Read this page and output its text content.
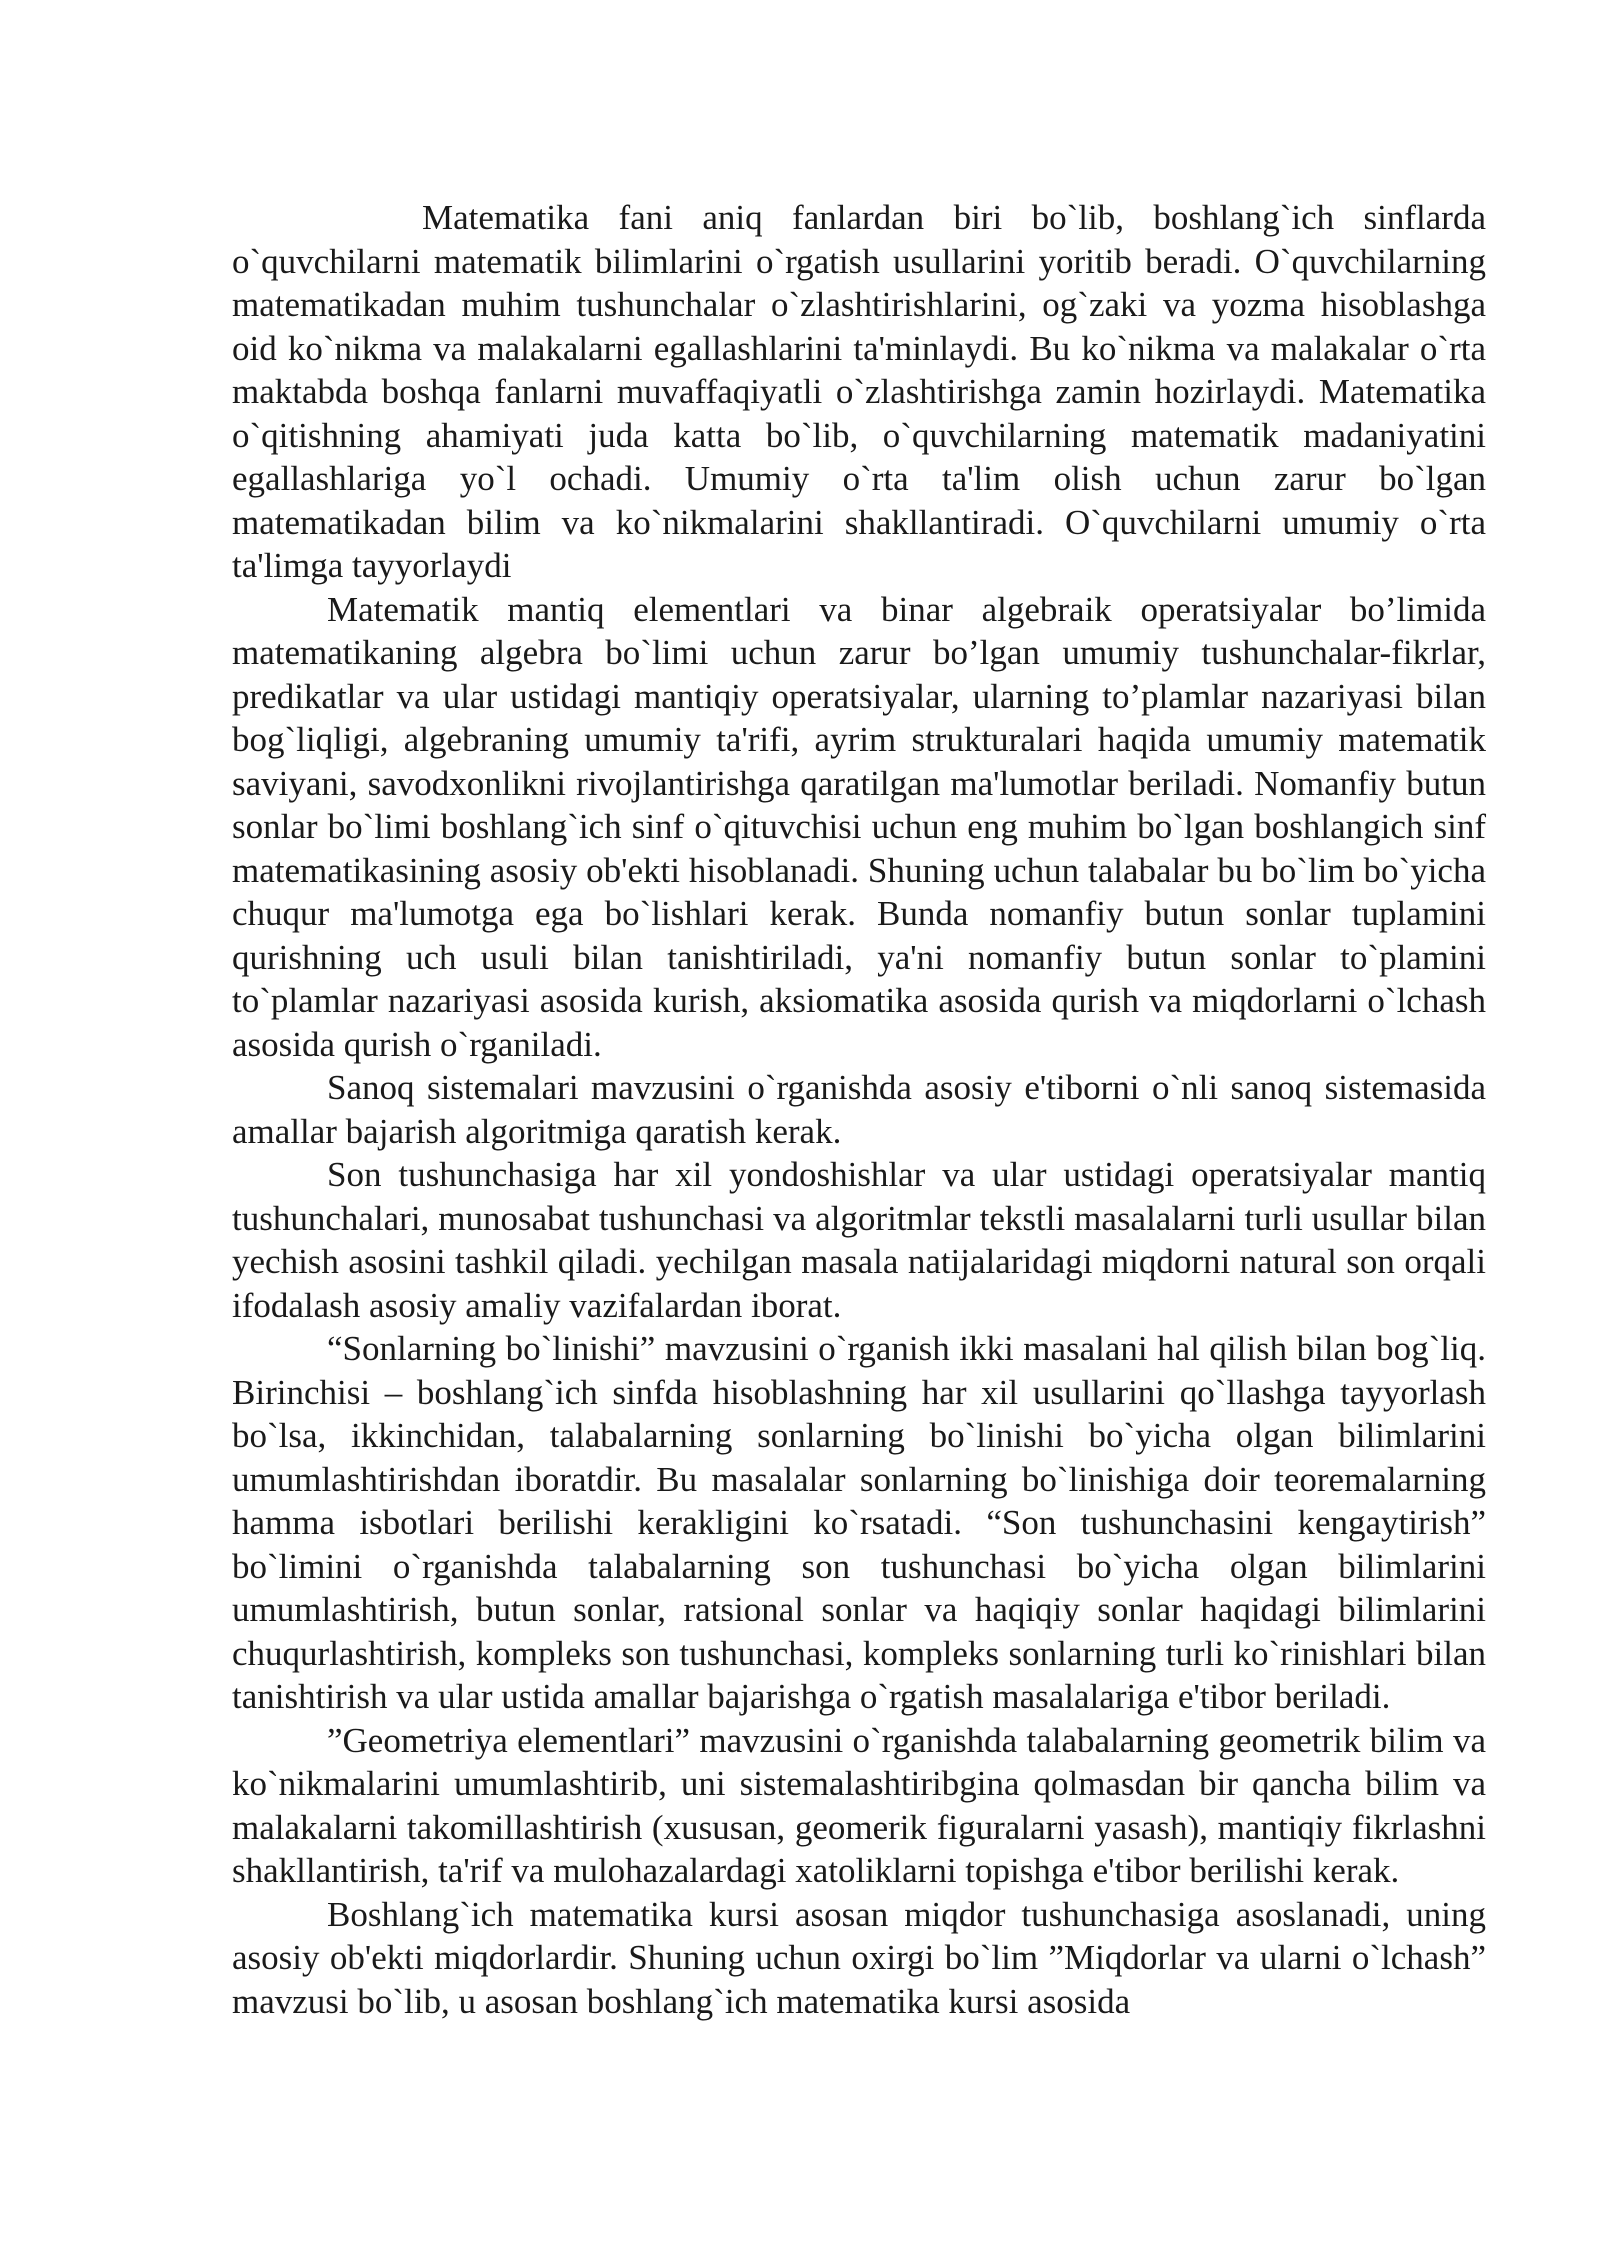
Matematika fani aniq fanlardan biri bo`lib, boshlang`ich sinflarda o`quvchilarni matematik bilimlarini o`rgatish usullarini yoritib beradi. O`quvchilarning matematikadan muhim tushunchalar o`zlashtirishlarini, og`zaki va yozma hisoblashga oid ko`nikma va malakalarni egallashlarini ta'minlaydi. Bu ko`nikma va malakalar o`rta maktabda boshqa fanlarni muvaffaqiyatli o`zlashtirishga zamin hozirlaydi. Matematika o`qitishning ahamiyati juda katta bo`lib, o`quvchilarning matematik madaniyatini egallashlariga yo`l ochadi. Umumiy o`rta ta'lim olish uchun zarur bo`lgan matematikadan bilim va ko`nikmalarini shakllantiradi. O`quvchilarni umumiy o`rta ta'limga tayyorlaydi

Matematik mantiq elementlari va binar algebraik operatsiyalar bo’limida matematikaning algebra bo`limi uchun zarur bo’lgan umumiy tushunchalar-fikrlar, predikatlar va ular ustidagi mantiqiy operatsiyalar, ularning to’plamlar nazariyasi bilan bog`liqligi, algebraning umumiy ta'rifi, ayrim strukturalari haqida umumiy matematik saviyani, savodxonlikni rivojlantirishga qaratilgan ma'lumotlar beriladi. Nomanfiy butun sonlar bo`limi boshlang`ich sinf o`qituvchisi uchun eng muhim bo`lgan boshlangich sinf matematikasining asosiy ob'ekti hisoblanadi. Shuning uchun talabalar bu bo`lim bo`yicha chuqur ma'lumotga ega bo`lishlari kerak. Bunda nomanfiy butun sonlar tuplamini qurishning uch usuli bilan tanishtiriladi, ya'ni nomanfiy butun sonlar to`plamini to`plamlar nazariyasi asosida kurish, aksiomatika asosida qurish va miqdorlarni o`lchash asosida qurish o`rganiladi.

Sanoq sistemalari mavzusini o`rganishda asosiy e'tiborni o`nli sanoq sistemasida amallar bajarish algoritmiga qaratish kerak.

Son tushunchasiga har xil yondoshishlar va ular ustidagi operatsiyalar mantiq tushunchalari, munosabat tushunchasi va algoritmlar tekstli masalalarni turli usullar bilan yechish asosini tashkil qiladi. yechilgan masala natijalaridagi miqdorni natural son orqali ifodalash asosiy amaliy vazifalardan iborat.

“Sonlarning bo`linishi” mavzusini o`rganish ikki masalani hal qilish bilan bog`liq. Birinchisi – boshlang`ich sinfda hisoblashning har xil usullarini qo`llashga tayyorlash bo`lsa, ikkinchidan, talabalarning sonlarning bo`linishi bo`yicha olgan bilimlarini umumlashtirishdan iboratdir. Bu masalalar sonlarning bo`linishiga doir teoremalarning hamma isbotlari berilishi kerakligini ko`rsatadi. “Son tushunchasini kengaytirish” bo`limini o`rganishda talabalarning son tushunchasi bo`yicha olgan bilimlarini umumlashtirish, butun sonlar, ratsional sonlar va haqiqiy sonlar haqidagi bilimlarini chuqurlashtirish, kompleks son tushunchasi, kompleks sonlarning turli ko`rinishlari bilan tanishtirish va ular ustida amallar bajarishga o`rgatish masalalariga e'tibor beriladi.

”Geometriya elementlari” mavzusini o`rganishda talabalarning geometrik bilim va ko`nikmalarini umumlashtirib, uni sistemalashtiribgina qolmasdan bir qancha bilim va malakalarni takomillashtirish (xususan, geomerik figuralarni yasash), mantiqiy fikrlashni shakllantirish, ta'rif va mulohazalardagi xatoliklarni topishga e'tibor berilishi kerak.

Boshlang`ich matematika kursi asosan miqdor tushunchasiga asoslanadi, uning asosiy ob'ekti miqdorlardir. Shuning uchun oxirgi bo`lim ”Miqdorlar va ularni o`lchash” mavzusi bo`lib, u asosan boshlang`ich matematika kursi asosida
